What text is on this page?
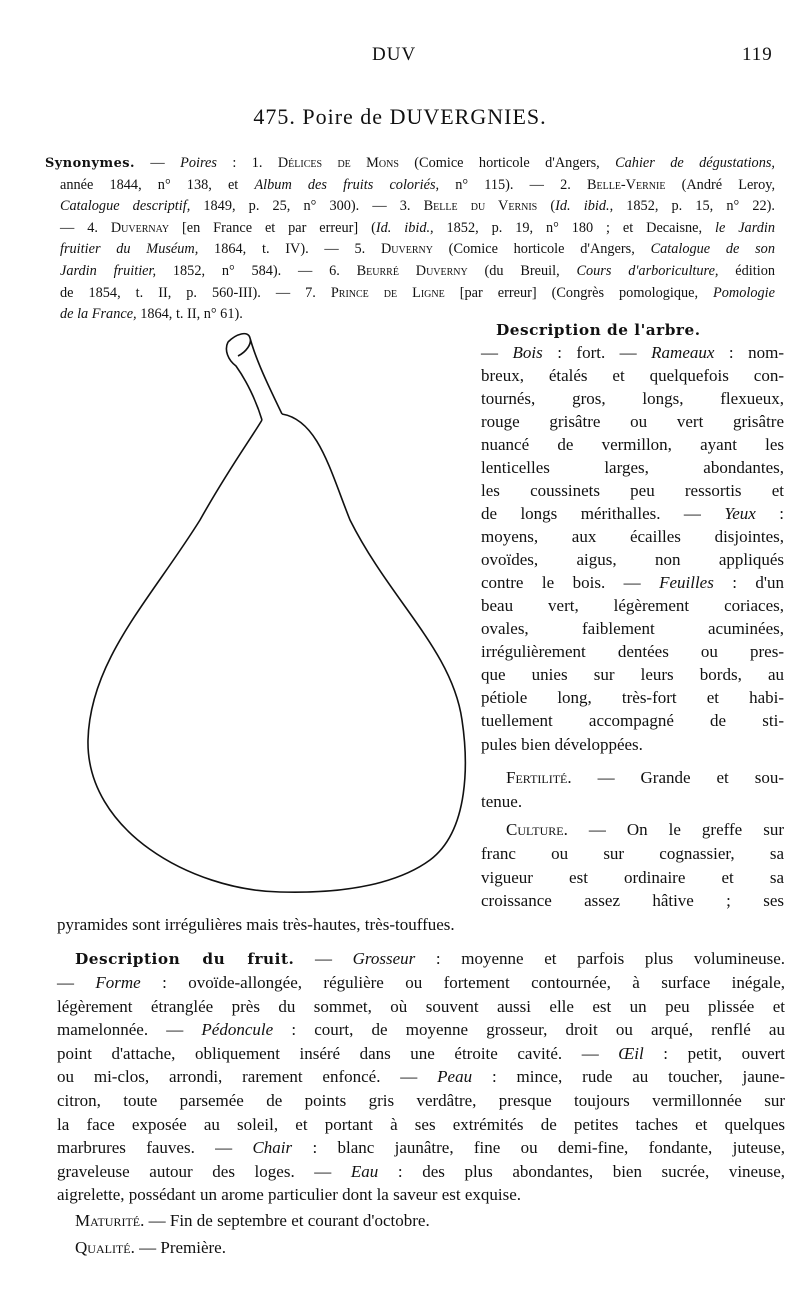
DUV	119
475. Poire de DUVERGNIES.
Synonymes. — Poires : 1. Délices de Mons (Comice horticole d'Angers, Cahier de dégustations,
année 1844, n° 138, et Album des fruits coloriés, n° 115). — 2. Belle-Vernie (André Leroy,
Catalogue descriptif, 1849, p. 25, n° 300). — 3. Belle du Vernis (Id. ibid., 1852, p. 15, n° 22).
— 4. Duvernay [en France et par erreur] (Id. ibid., 1852, p. 19, n° 180 ; et Decaisne, le Jardin
fruitier du Muséum, 1864, t. IV). — 5. Duverny (Comice horticole d'Angers, Catalogue de son
Jardin fruitier, 1852, n° 584). — 6. Beurré Duverny (du Breuil, Cours d'arboriculture, édition
de 1854, t. II, p. 560-III). — 7. Prince de Ligne [par erreur] (Congrès pomologique, Pomologie
de la France, 1864, t. II, n° 61).
Description de l'arbre.
— Bois : fort. — Rameaux : nom-
breux, étalés et quelquefois con-
tournés, gros, longs, flexueux,
rouge grisâtre ou vert grisâtre
nuancé de vermillon, ayant les
lenticelles larges, abondantes,
les coussinets peu ressortis et
de longs mérithalles. — Yeux :
moyens, aux écailles disjointes,
ovoïdes, aigus, non appliqués
contre le bois. — Feuilles : d'un
beau vert, légèrement coriaces,
ovales, faiblement acuminées,
irrégulièrement dentées ou pres-
que unies sur leurs bords, au
pétiole long, très-fort et habi-
tuellement accompagné de sti-
pules bien développées.
Fertilité. — Grande et sou-
tenue.
Culture. — On le greffe sur
franc ou sur cognassier, sa
vigueur est ordinaire et sa
croissance assez hâtive ; ses
pyramides sont irrégulières mais très-hautes, très-touffues.
Description du fruit. — Grosseur : moyenne et parfois plus volumineuse.
— Forme : ovoïde-allongée, régulière ou fortement contournée, à surface inégale,
légèrement étranglée près du sommet, où souvent aussi elle est un peu plissée et
mamelonnée. — Pédoncule : court, de moyenne grosseur, droit ou arqué, renflé au
point d'attache, obliquement inséré dans une étroite cavité. — Œil : petit, ouvert
ou mi-clos, arrondi, rarement enfoncé. — Peau : mince, rude au toucher, jaune-
citron, toute parsemée de points gris verdâtre, presque toujours vermillonnée sur
la face exposée au soleil, et portant à ses extrémités de petites taches et quelques
marbrures fauves. — Chair : blanc jaunâtre, fine ou demi-fine, fondante, juteuse,
graveleuse autour des loges. — Eau : des plus abondantes, bien sucrée, vineuse,
aigrelette, possédant un arome particulier dont la saveur est exquise.
Maturité. — Fin de septembre et courant d'octobre.
Qualité. — Première.
